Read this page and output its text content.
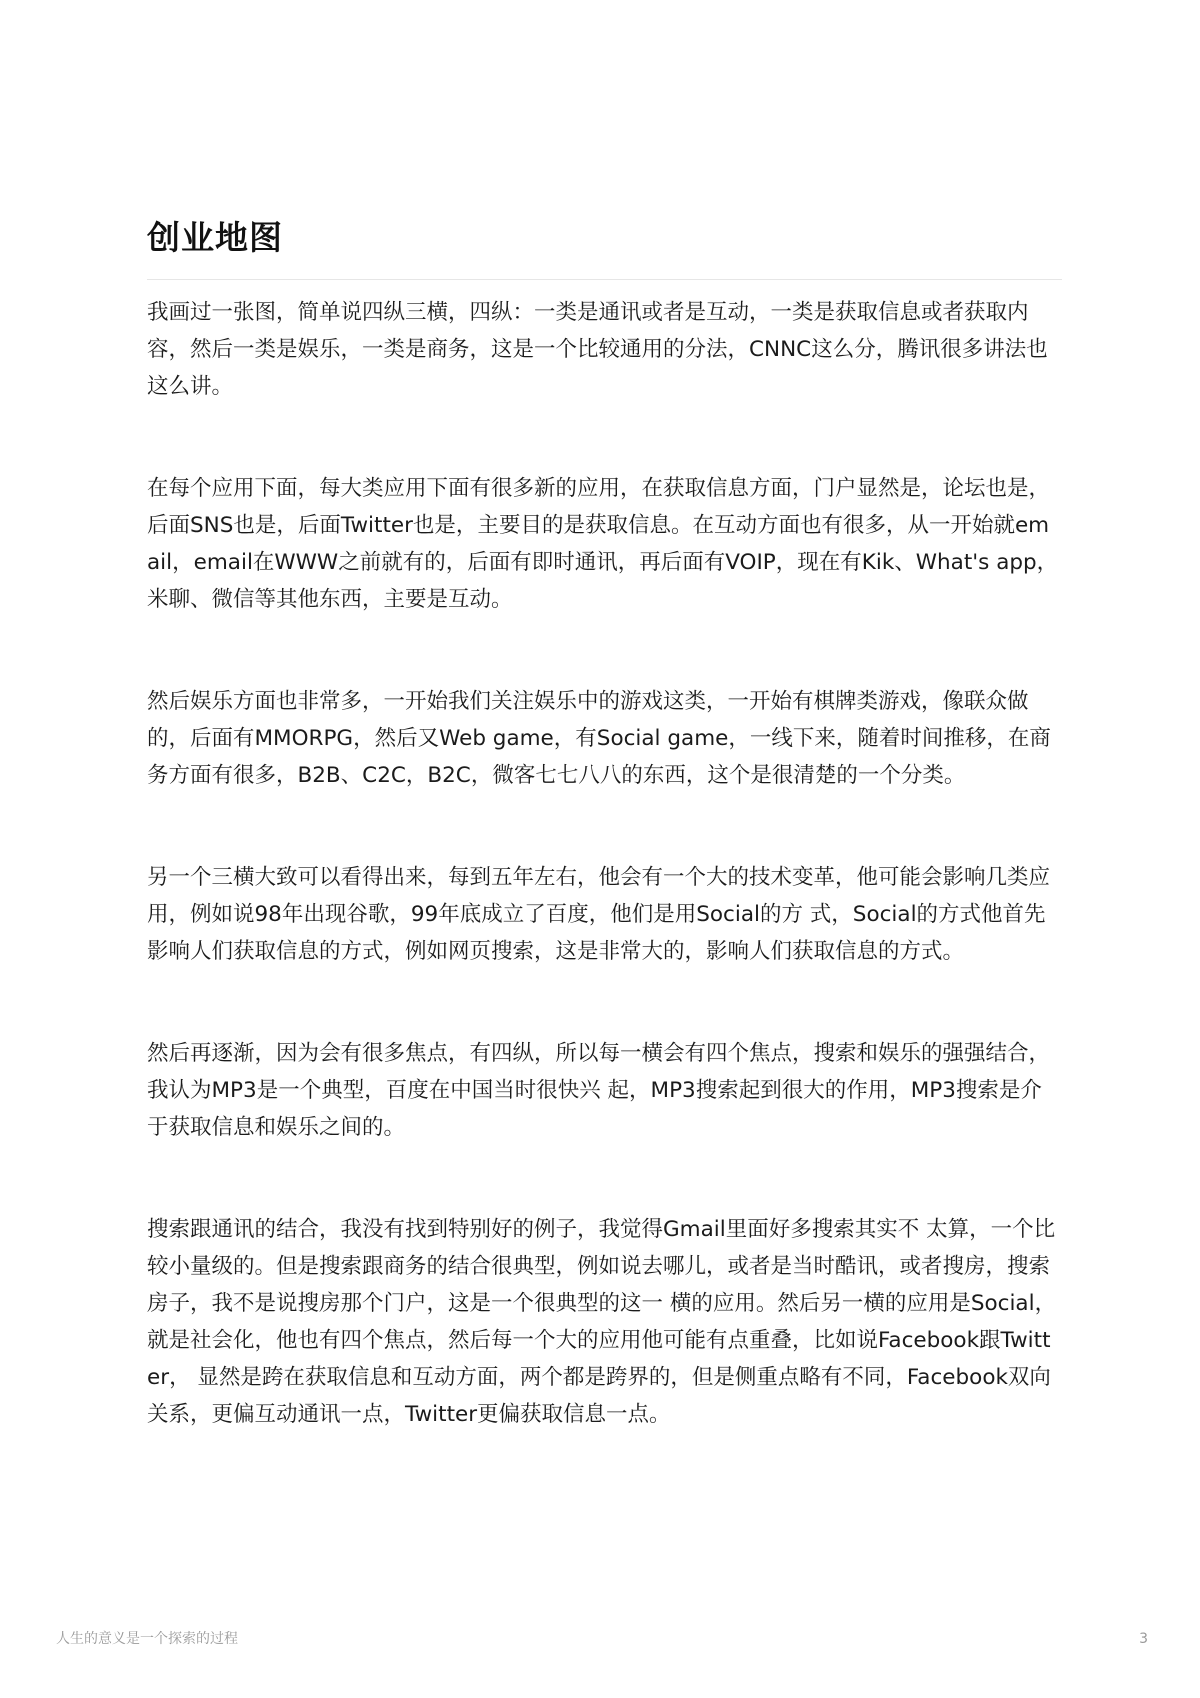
创业地图

我画过一张图，简单说四纵三横，四纵：一类是通讯或者是互动，一类是获取信息或者获取内容，然后一类是娱乐，一类是商务，这是一个比较通用的分法，CNNC这么分，腾讯很多讲法也这么讲。

在每个应用下面，每大类应用下面有很多新的应用，在获取信息方面，门户显然是，论坛也是，后面SNS也是，后面Twitter也是，主要目的是获取信息。在互动方面也有很多，从一开始就email，email在WWW之前就有的，后面有即时通讯，再后面有VOIP，现在有Kik、What's app，米聊、微信等其他东西，主要是互动。

然后娱乐方面也非常多，一开始我们关注娱乐中的游戏这类，一开始有棋牌类游戏，像联众做的，后面有MMORPG，然后又Web game，有Social game，一线下来，随着时间推移，在商务方面有很多，B2B、C2C，B2C，微客七七八八的东西，这个是很清楚的一个分类。

另一个三横大致可以看得出来，每到五年左右，他会有一个大的技术变革，他可能会影响几类应用，例如说98年出现谷歌，99年底成立了百度，他们是用Social的方 式，Social的方式他首先影响人们获取信息的方式，例如网页搜索，这是非常大的，影响人们获取信息的方式。

然后再逐渐，因为会有很多焦点，有四纵，所以每一横会有四个焦点，搜索和娱乐的强强结合，我认为MP3是一个典型，百度在中国当时很快兴 起，MP3搜索起到很大的作用，MP3搜索是介于获取信息和娱乐之间的。

搜索跟通讯的结合，我没有找到特别好的例子，我觉得Gmail里面好多搜索其实不 太算，一个比较小量级的。但是搜索跟商务的结合很典型，例如说去哪儿，或者是当时酷讯，或者搜房，搜索房子，我不是说搜房那个门户，这是一个很典型的这一 横的应用。然后另一横的应用是Social，就是社会化，他也有四个焦点，然后每一个大的应用他可能有点重叠，比如说Facebook跟Twitter， 显然是跨在获取信息和互动方面，两个都是跨界的，但是侧重点略有不同，Facebook双向关系，更偏互动通讯一点，Twitter更偏获取信息一点。

人生的意义是一个探索的过程	3
